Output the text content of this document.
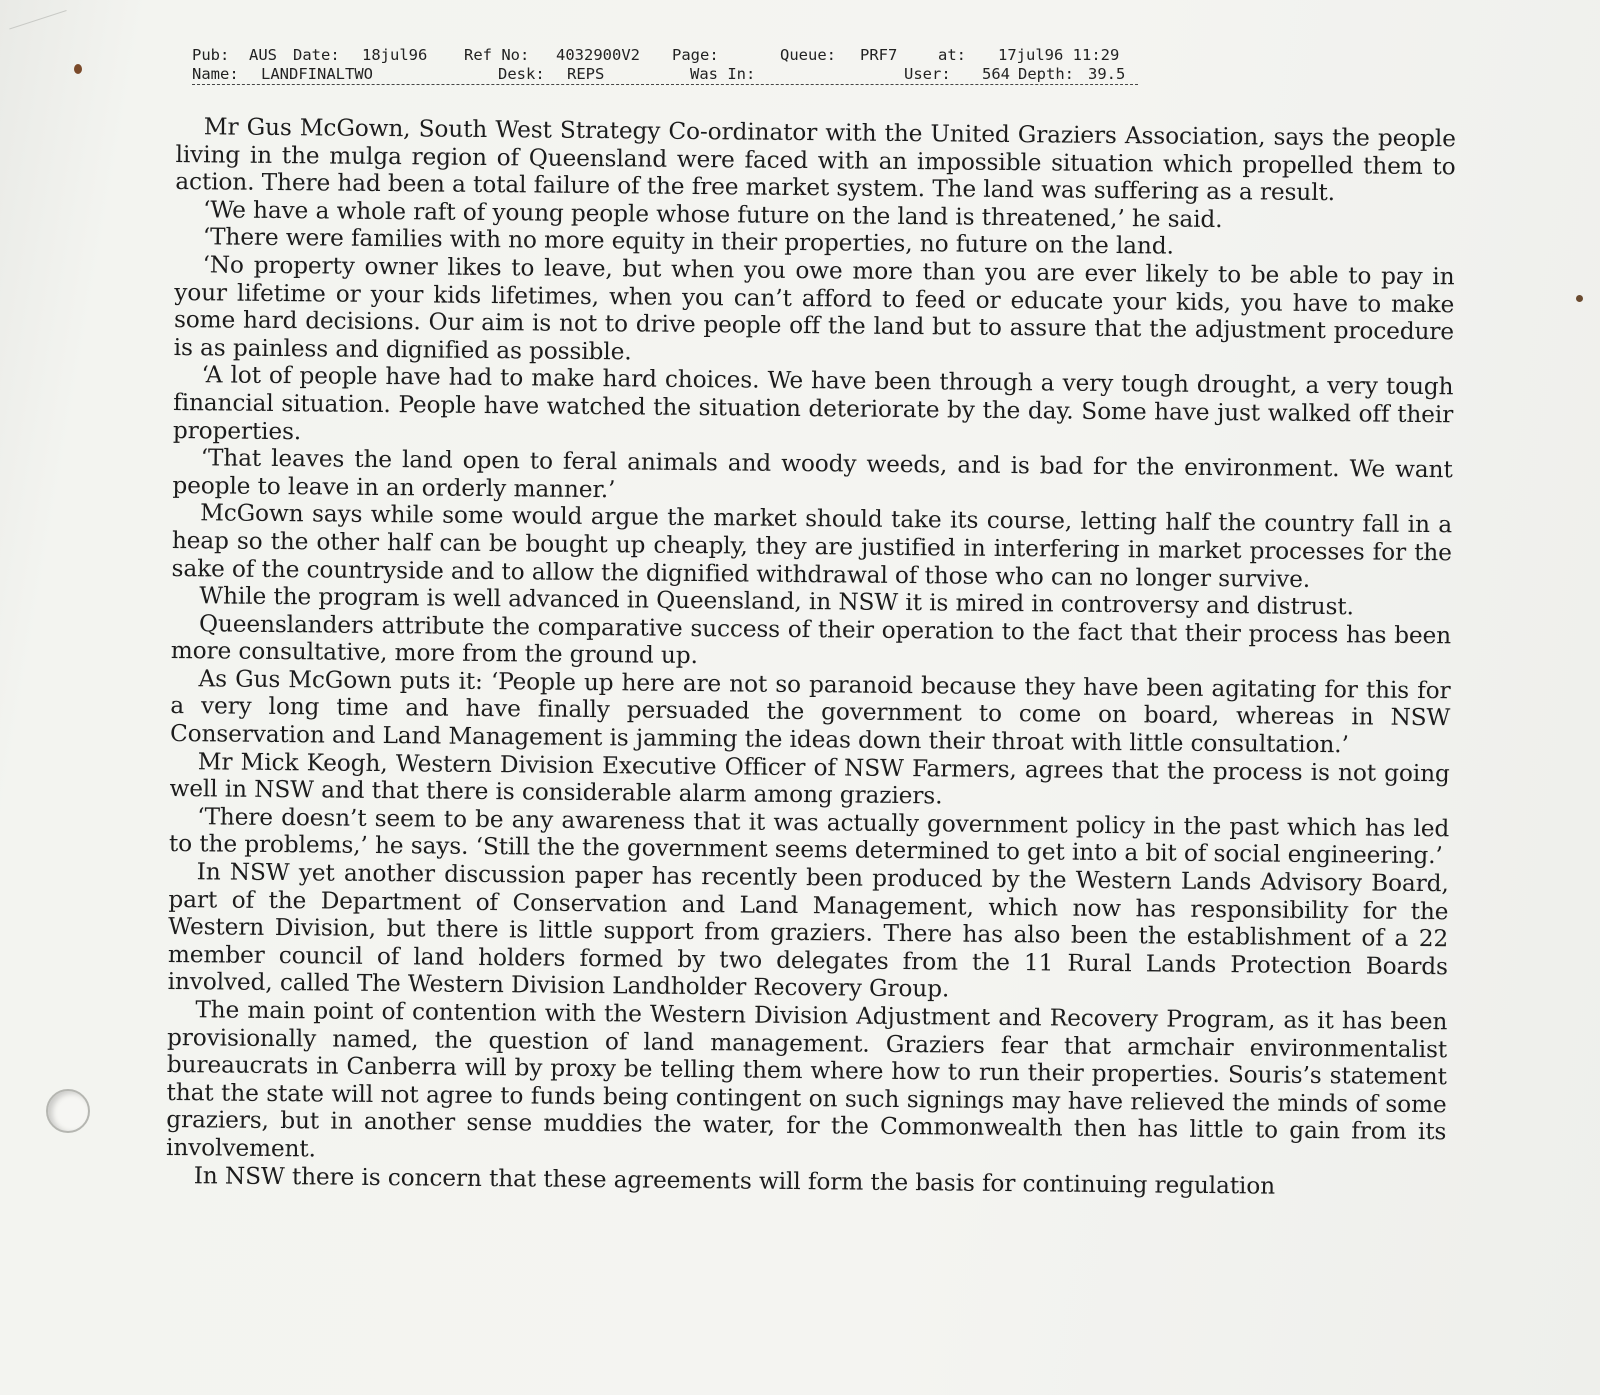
Pub:

AUS

Date:

18jul96

Ref No:

4032900V2

Page:

	Queue:

PRF7

	at:

17jul96 11:29

Name:

LANDFINALTWO

	Desk:

REPS

	Was In:

	User:

564

Depth:

39.5

Mr Gus McGown, South West Strategy Co-ordinator with the United Graziers Association, says the people living in the mulga region of Queensland were faced with an impossible situation which propelled them to action. There had been a total failure of the free market system. The land was suffering as a result.

‘We have a whole raft of young people whose future on the land is threatened,’ he said.

‘There were families with no more equity in their properties, no future on the land.

‘No property owner likes to leave, but when you owe more than you are ever likely to be able to pay in your lifetime or your kids lifetimes, when you can’t afford to feed or educate your kids, you have to make some hard decisions. Our aim is not to drive people off the land but to assure that the adjustment procedure is as painless and dignified as possible.

‘A lot of people have had to make hard choices. We have been through a very tough drought, a very tough financial situation. People have watched the situation deteriorate by the day. Some have just walked off their properties.

‘That leaves the land open to feral animals and woody weeds, and is bad for the environment. We want people to leave in an orderly manner.’

McGown says while some would argue the market should take its course, letting half the country fall in a heap so the other half can be bought up cheaply, they are justified in interfering in market processes for the sake of the countryside and to allow the dignified withdrawal of those who can no longer survive.

While the program is well advanced in Queensland, in NSW it is mired in controversy and distrust.

Queenslanders attribute the comparative success of their operation to the fact that their process has been more consultative, more from the ground up.

As Gus McGown puts it: ‘People up here are not so paranoid because they have been agitating for this for a very long time and have finally persuaded the government to come on board, whereas in NSW Conservation and Land Management is jamming the ideas down their throat with little consultation.’

Mr Mick Keogh, Western Division Executive Officer of NSW Farmers, agrees that the process is not going well in NSW and that there is considerable alarm among graziers.

‘There doesn’t seem to be any awareness that it was actually government policy in the past which has led to the problems,’ he says. ‘Still the the government seems determined to get into a bit of social engineering.’

In NSW yet another discussion paper has recently been produced by the Western Lands Advisory Board, part of the Department of Conservation and Land Management, which now has responsibility for the Western Division, but there is little support from graziers. There has also been the establishment of a 22 member council of land holders formed by two delegates from the 11 Rural Lands Protection Boards involved, called The Western Division Landholder Recovery Group.

The main point of contention with the Western Division Adjustment and Recovery Program, as it has been provisionally named, the question of land management. Graziers fear that armchair environmentalist bureaucrats in Canberra will by proxy be telling them where how to run their properties. Souris’s statement that the state will not agree to funds being contingent on such signings may have relieved the minds of some graziers, but in another sense muddies the water, for the Commonwealth then has little to gain from its involvement.

In NSW there is concern that these agreements will form the basis for continuing regulation
